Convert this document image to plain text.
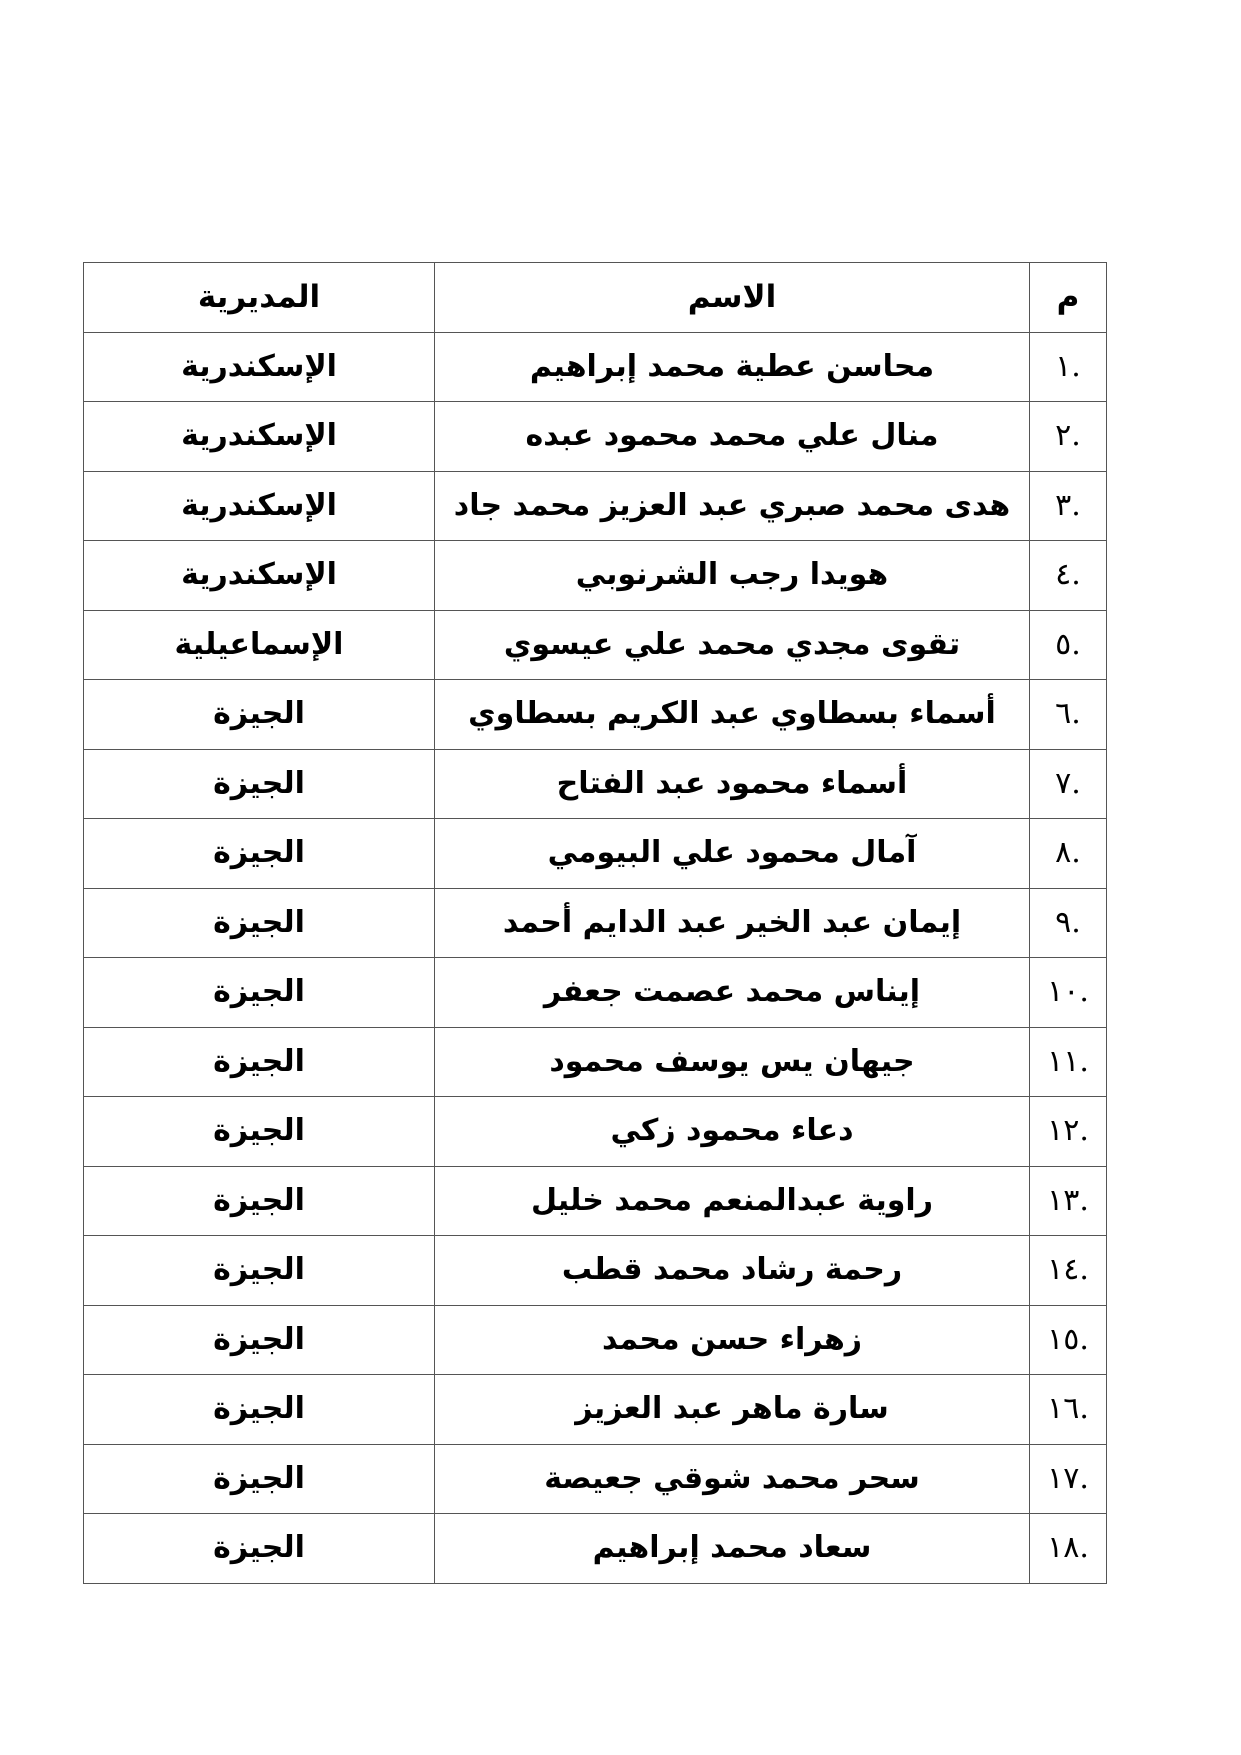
م	الاسم	المديرية
.١	محاسن عطية محمد إبراهيم	الإسكندرية
.٢	منال علي محمد محمود عبده	الإسكندرية
.٣	هدى محمد صبري عبد العزيز محمد جاد	الإسكندرية
.٤	هويدا رجب الشرنوبي	الإسكندرية
.٥	تقوى مجدي محمد علي عيسوي	الإسماعيلية
.٦	أسماء بسطاوي عبد الكريم بسطاوي	الجيزة
.٧	أسماء محمود عبد الفتاح	الجيزة
.٨	آمال محمود علي البيومي	الجيزة
.٩	إيمان عبد الخير عبد الدايم أحمد	الجيزة
.١٠	إيناس محمد عصمت جعفر	الجيزة
.١١	جيهان يس يوسف محمود	الجيزة
.١٢	دعاء محمود زكي	الجيزة
.١٣	راوية عبدالمنعم محمد خليل	الجيزة
.١٤	رحمة رشاد محمد قطب	الجيزة
.١٥	زهراء حسن محمد	الجيزة
.١٦	سارة ماهر عبد العزيز	الجيزة
.١٧	سحر محمد شوقي جعيصة	الجيزة
.١٨	سعاد محمد إبراهيم	الجيزة
